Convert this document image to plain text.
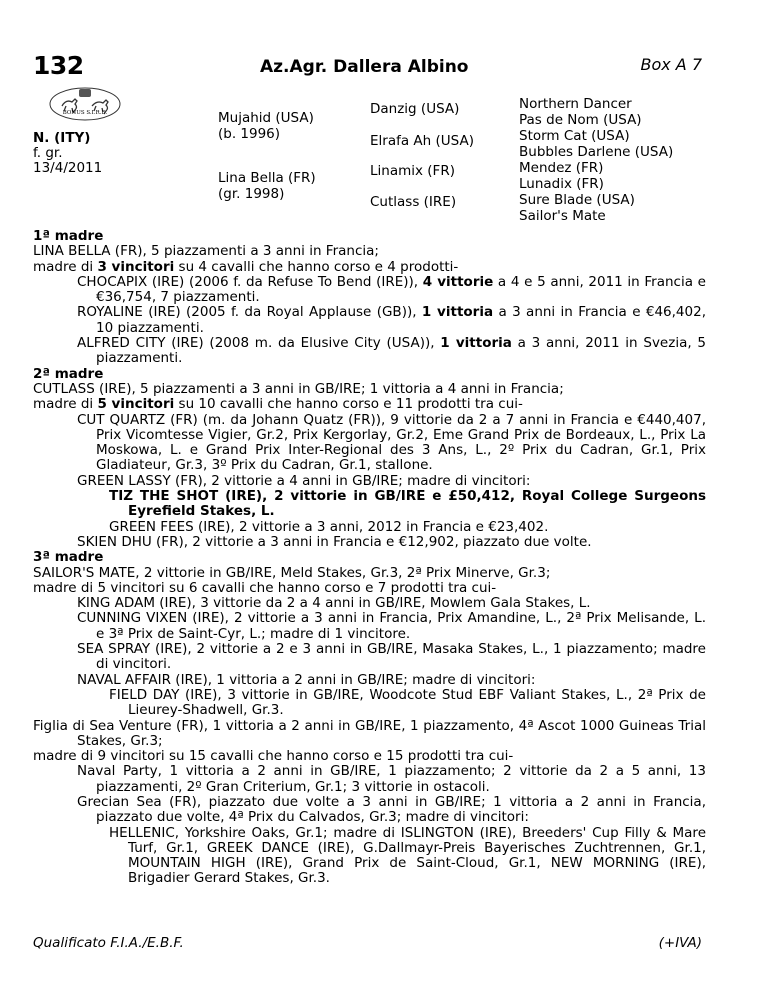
132	Az.Agr. Dallera Albino	Box A 7
BONUS S.I.R.E.
N. (ITY)
f. gr.
13/4/2011
Mujahid (USA)
(b. 1996)
Lina Bella (FR)
(gr. 1998)
Danzig (USA)
Elrafa Ah (USA)
Linamix (FR)
Cutlass (IRE)
Northern Dancer
Pas de Nom (USA)
Storm Cat (USA)
Bubbles Darlene (USA)
Mendez (FR)
Lunadix (FR)
Sure Blade (USA)
Sailor's Mate

1ª madre

LINA BELLA (FR), 5 piazzamenti a 3 anni in Francia;

madre di 3 vincitori su 4 cavalli che hanno corso e 4 prodotti-

CHOCAPIX (IRE) (2006 f. da Refuse To Bend (IRE)), 4 vittorie a 4 e 5 anni, 2011 in Francia e €36,754, 7 piazzamenti.

ROYALINE (IRE) (2005 f. da Royal Applause (GB)), 1 vittoria a 3 anni in Francia e €46,402, 10 piazzamenti.

ALFRED CITY (IRE) (2008 m. da Elusive City (USA)), 1 vittoria a 3 anni, 2011 in Svezia, 5 piazzamenti.

2ª madre

CUTLASS (IRE), 5 piazzamenti a 3 anni in GB/IRE; 1 vittoria a 4 anni in Francia;

madre di 5 vincitori su 10 cavalli che hanno corso e 11 prodotti tra cui-

CUT QUARTZ (FR) (m. da Johann Quatz (FR)), 9 vittorie da 2 a 7 anni in Francia e €440,407, Prix Vicomtesse Vigier, Gr.2, Prix Kergorlay, Gr.2, Eme Grand Prix de Bordeaux, L., Prix La Moskowa, L. e Grand Prix Inter-Regional des 3 Ans, L., 2º Prix du Cadran, Gr.1, Prix Gladiateur, Gr.3, 3º Prix du Cadran, Gr.1, stallone.

GREEN LASSY (FR), 2 vittorie a 4 anni in GB/IRE; madre di vincitori:

TIZ THE SHOT (IRE), 2 vittorie in GB/IRE e £50,412, Royal College Surgeons Eyrefield Stakes, L.

GREEN FEES (IRE), 2 vittorie a 3 anni, 2012 in Francia e €23,402.

SKIEN DHU (FR), 2 vittorie a 3 anni in Francia e €12,902, piazzato due volte.

3ª madre

SAILOR'S MATE, 2 vittorie in GB/IRE, Meld Stakes, Gr.3, 2ª Prix Minerve, Gr.3;

madre di 5 vincitori su 6 cavalli che hanno corso e 7 prodotti tra cui-

KING ADAM (IRE), 3 vittorie da 2 a 4 anni in GB/IRE, Mowlem Gala Stakes, L.

CUNNING VIXEN (IRE), 2 vittorie a 3 anni in Francia, Prix Amandine, L., 2ª Prix Melisande, L. e 3ª Prix de Saint-Cyr, L.; madre di 1 vincitore.

SEA SPRAY (IRE), 2 vittorie a 2 e 3 anni in GB/IRE, Masaka Stakes, L., 1 piazzamento; madre di vincitori.

NAVAL AFFAIR (IRE), 1 vittoria a 2 anni in GB/IRE; madre di vincitori:

FIELD DAY (IRE), 3 vittorie in GB/IRE, Woodcote Stud EBF Valiant Stakes, L., 2ª Prix de Lieurey-Shadwell, Gr.3.

Figlia di Sea Venture (FR), 1 vittoria a 2 anni in GB/IRE, 1 piazzamento, 4ª Ascot 1000 Guineas Trial Stakes, Gr.3;

madre di 9 vincitori su 15 cavalli che hanno corso e 15 prodotti tra cui-

Naval Party, 1 vittoria a 2 anni in GB/IRE, 1 piazzamento; 2 vittorie da 2 a 5 anni, 13 piazzamenti, 2º Gran Criterium, Gr.1; 3 vittorie in ostacoli.

Grecian Sea (FR), piazzato due volte a 3 anni in GB/IRE; 1 vittoria a 2 anni in Francia, piazzato due volte, 4ª Prix du Calvados, Gr.3; madre di vincitori:

HELLENIC, Yorkshire Oaks, Gr.1; madre di ISLINGTON (IRE), Breeders' Cup Filly & Mare Turf, Gr.1, GREEK DANCE (IRE), G.Dallmayr-Preis Bayerisches Zuchtrennen, Gr.1, MOUNTAIN HIGH (IRE), Grand Prix de Saint-Cloud, Gr.1, NEW MORNING (IRE), Brigadier Gerard Stakes, Gr.3.

Qualificato F.I.A./E.B.F.	(+IVA)
